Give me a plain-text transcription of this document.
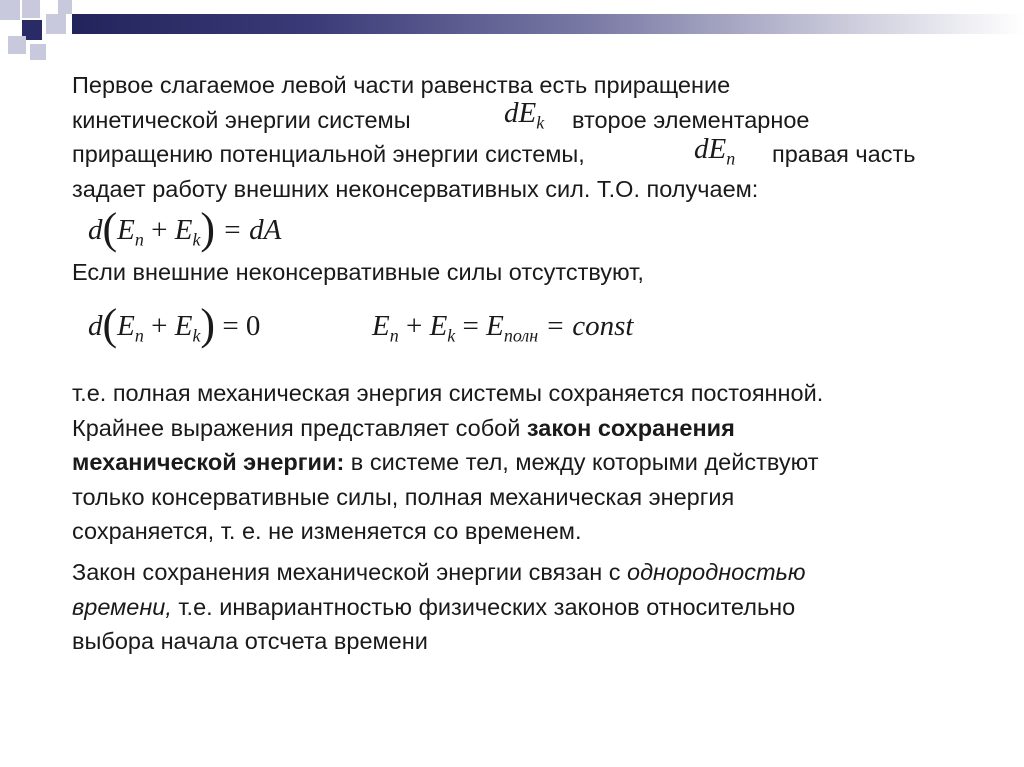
Первое слагаемое левой части равенства есть приращение
кинетической энергии системы	$dE_k$ второе элементарное
приращению потенциальной энергии системы,	$dE_n$ правая часть
задает работу внешних неконсервативных сил. Т.О. получаем:
$d(E_n + E_k)$ = dA
Если внешние неконсервативные силы отсутствуют,
$d(E_n + E_k) = 0$	$E_n + E_k = E_{полн}$ = const
т.е. полная механическая энергия системы сохраняется постоянной.
Крайнее выражения представляет собой закон сохранения
механической энергии: в системе тел, между которыми действуют
только консервативные силы, полная механическая энергия
сохраняется, т. е. не изменяется со временем.
Закон сохранения механической энергии связан с однородностью
времени, т.е. инвариантностью физических законов относительно
выбора начала отсчета времени
